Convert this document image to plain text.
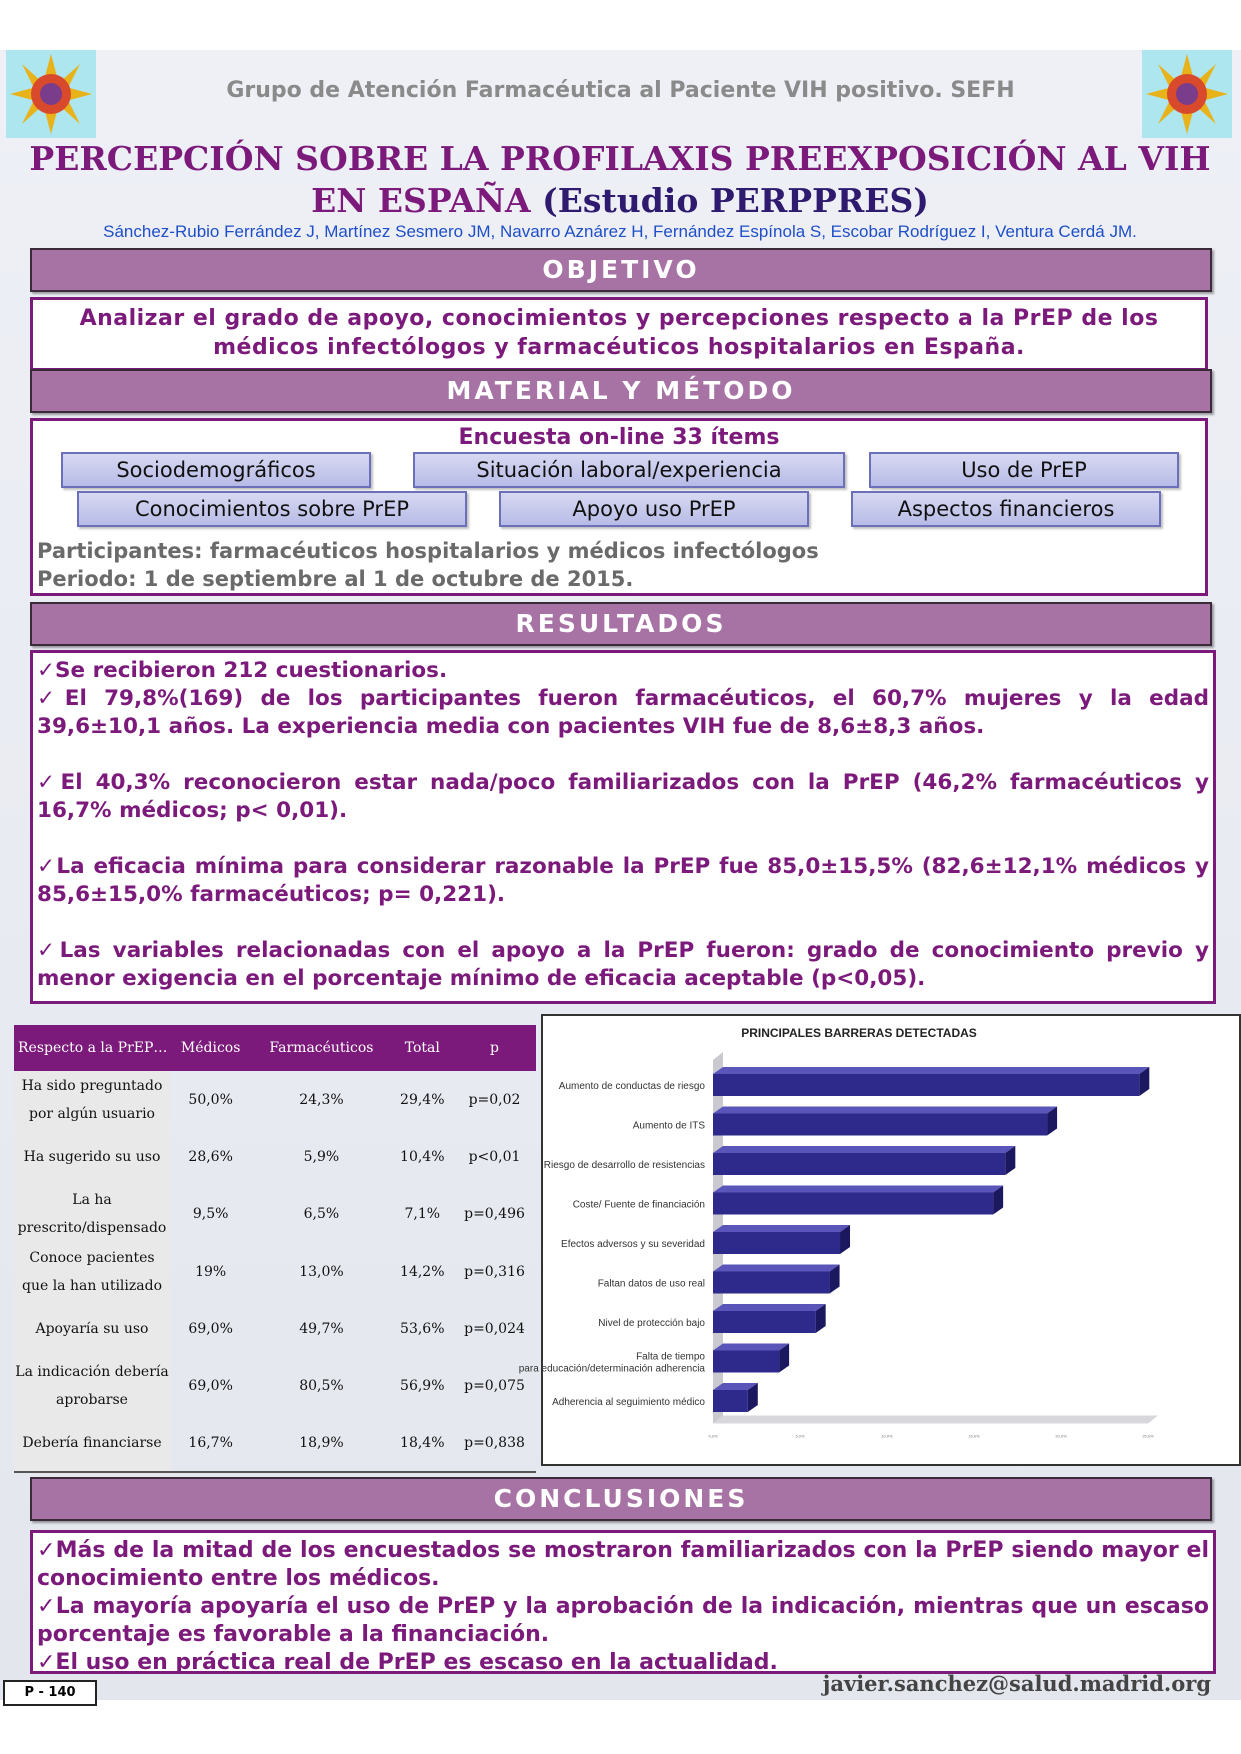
Grupo de Atención Farmacéutica al Paciente VIH positivo. SEFH
PERCEPCIÓN SOBRE LA PROFILAXIS PREEXPOSICIÓN AL VIH EN ESPAÑA (Estudio PERPPRES)
Sánchez-Rubio Ferrández J, Martínez Sesmero JM, Navarro Aznárez H, Fernández Espínola S, Escobar Rodríguez I, Ventura Cerdá JM.
OBJETIVO
Analizar el grado de apoyo, conocimientos y percepciones respecto a la PrEP de los médicos infectólogos y farmacéuticos hospitalarios en España.
MATERIAL Y MÉTODO
Encuesta on-line 33 ítems
Sociodemográficos	Situación laboral/experiencia	Uso de PrEP
Conocimientos sobre PrEP	Apoyo uso PrEP	Aspectos financieros
Participantes: farmacéuticos hospitalarios y médicos infectólogos
Periodo: 1 de septiembre al 1 de octubre de 2015.
RESULTADOS

✓Se recibieron 212 cuestionarios.

✓El 79,8%(169) de los participantes fueron farmacéuticos, el 60,7% mujeres y la edad 39,6±10,1 años. La experiencia media con pacientes VIH fue de 8,6±8,3 años.

✓El 40,3% reconocieron estar nada/poco familiarizados con la PrEP (46,2% farmacéuticos y 16,7% médicos; p< 0,01).

✓La eficacia mínima para considerar razonable la PrEP fue 85,0±15,5% (82,6±12,1% médicos y 85,6±15,0% farmacéuticos; p= 0,221).

✓Las variables relacionadas con el apoyo a la PrEP fueron: grado de conocimiento previo y menor exigencia en el porcentaje mínimo de eficacia aceptable (p<0,05).

Respecto a la PrEP…	Médicos	Farmacéuticos	Total	p
Ha sido preguntado por algún usuario	50,0%	24,3%	29,4%	p=0,02
Ha sugerido su uso	28,6%	5,9%	10,4%	p<0,01
La ha prescrito/dispensado	9,5%	6,5%	7,1%	p=0,496
Conoce pacientes que la han utilizado	19%	13,0%	14,2%	p=0,316
Apoyaría su uso	69,0%	49,7%	53,6%	p=0,024
La indicación debería aprobarse	69,0%	80,5%	56,9%	p=0,075
Debería financiarse	16,7%	18,9%	18,4%	p=0,838
PRINCIPALES BARRERAS DETECTADAS
Aumento de conductas de riesgo
Aumento de ITS
Riesgo de desarrollo de resistencias
Coste/ Fuente de financiación
Efectos adversos y su severidad
Faltan datos de uso real
Nivel de protección bajo
Falta de tiempo para educación/determinación adherencia
Adherencia al seguimiento médico
0,0%	5,0%	10,0%	15,0%	20,0%	25,0%
CONCLUSIONES

✓Más de la mitad de los encuestados se mostraron familiarizados con la PrEP siendo mayor el conocimiento entre los médicos.

✓La mayoría apoyaría el uso de PrEP y la aprobación de la indicación, mientras que un escaso porcentaje es favorable a la financiación.

✓El uso en práctica real de PrEP es escaso en la actualidad.

P - 140	javier.sanchez@salud.madrid.org
